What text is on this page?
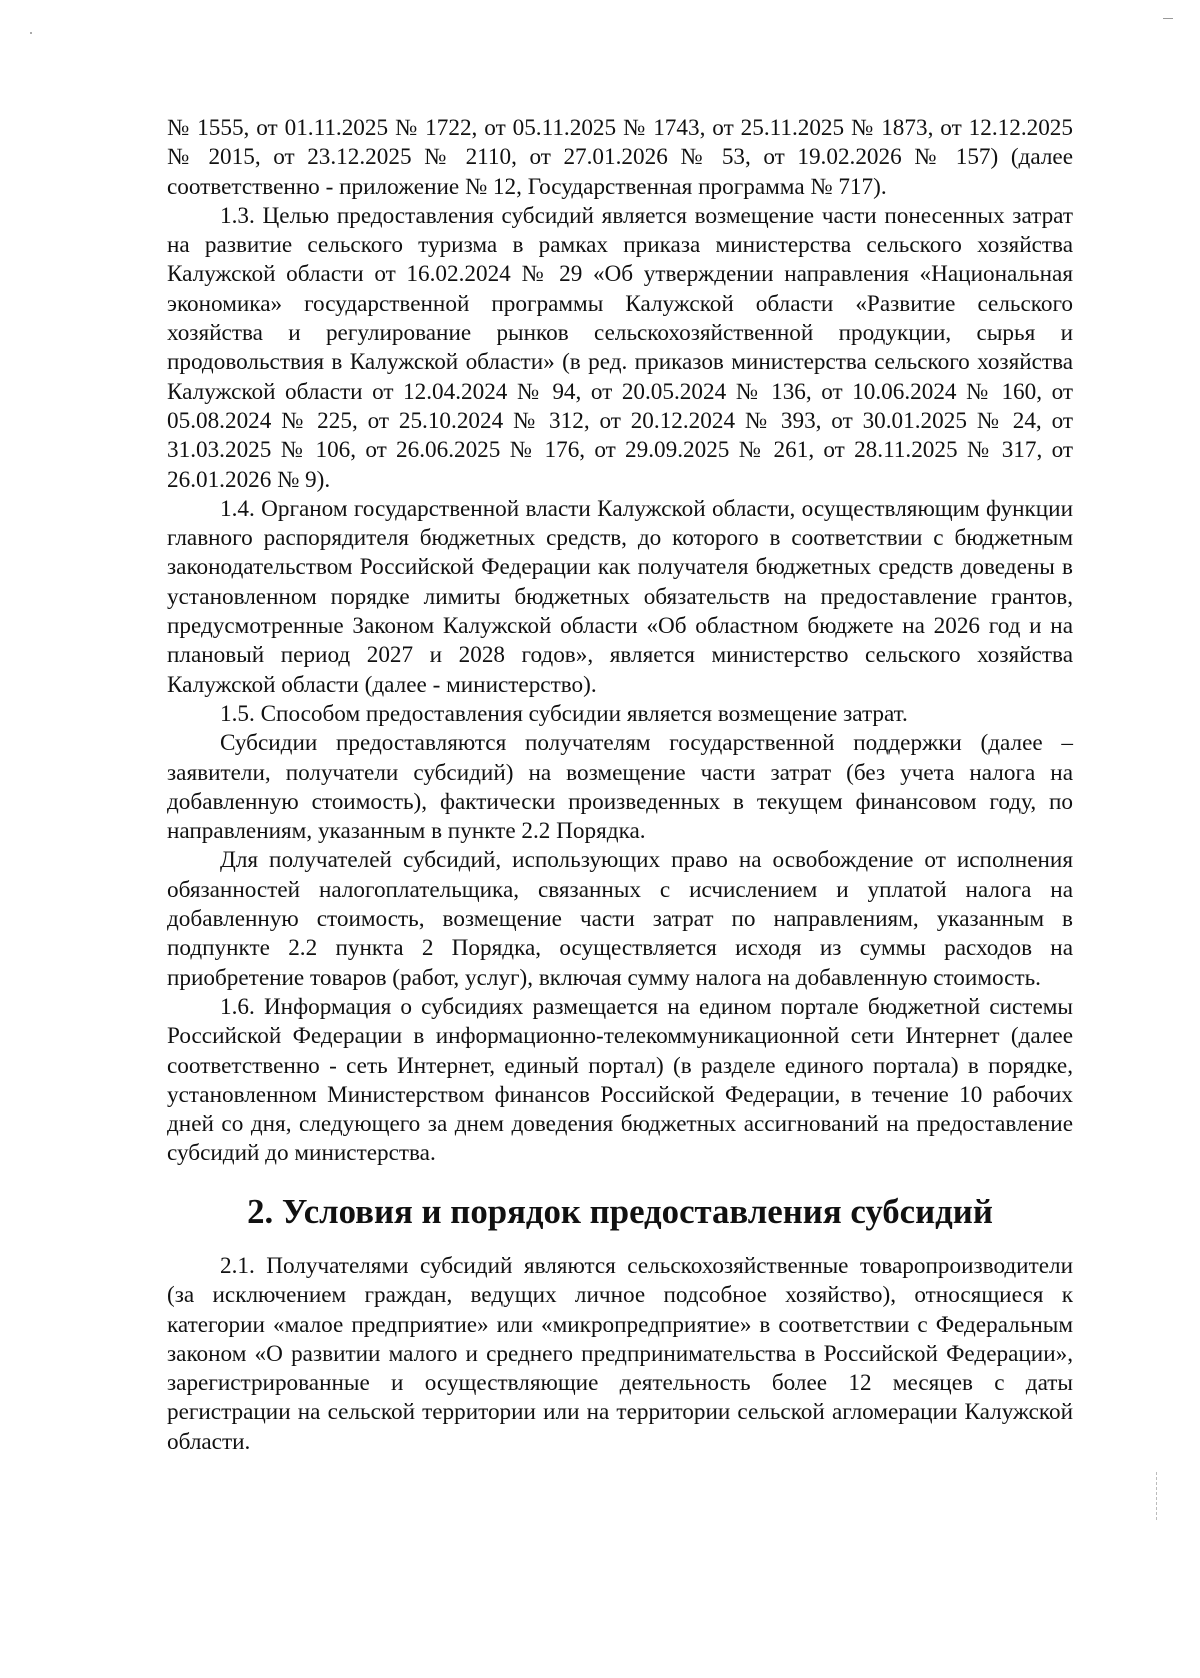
№ 1555, от 01.11.2025 № 1722, от 05.11.2025 № 1743, от 25.11.2025 № 1873, от 12.12.2025 № 2015, от 23.12.2025 № 2110, от 27.01.2026 № 53, от 19.02.2026 № 157) (далее соответственно - приложение № 12, Государственная программа № 717).

1.3. Целью предоставления субсидий является возмещение части понесенных затрат на развитие сельского туризма в рамках приказа министерства сельского хозяйства Калужской области от 16.02.2024 № 29 «Об утверждении направления «Национальная экономика» государственной программы Калужской области «Развитие сельского хозяйства и регулирование рынков сельскохозяйственной продукции, сырья и продовольствия в Калужской области» (в ред. приказов министерства сельского хозяйства Калужской области от 12.04.2024 № 94, от 20.05.2024 № 136, от 10.06.2024 № 160, от 05.08.2024 № 225, от 25.10.2024 № 312, от 20.12.2024 № 393, от 30.01.2025 № 24, от 31.03.2025 № 106, от 26.06.2025 № 176, от 29.09.2025 № 261, от 28.11.2025 № 317, от 26.01.2026 № 9).

1.4. Органом государственной власти Калужской области, осуществляющим функции главного распорядителя бюджетных средств, до которого в соответствии с бюджетным законодательством Российской Федерации как получателя бюджетных средств доведены в установленном порядке лимиты бюджетных обязательств на предоставление грантов, предусмотренные Законом Калужской области «Об областном бюджете на 2026 год и на плановый период 2027 и 2028 годов», является министерство сельского хозяйства Калужской области (далее - министерство).

1.5. Способом предоставления субсидии является возмещение затрат.

Субсидии предоставляются получателям государственной поддержки (далее – заявители, получатели субсидий) на возмещение части затрат (без учета налога на добавленную стоимость), фактически произведенных в текущем финансовом году, по направлениям, указанным в пункте 2.2 Порядка.

Для получателей субсидий, использующих право на освобождение от исполнения обязанностей налогоплательщика, связанных с исчислением и уплатой налога на добавленную стоимость, возмещение части затрат по направлениям, указанным в подпункте 2.2 пункта 2 Порядка, осуществляется исходя из суммы расходов на приобретение товаров (работ, услуг), включая сумму налога на добавленную стоимость.

1.6. Информация о субсидиях размещается на едином портале бюджетной системы Российской Федерации в информационно-телекоммуникационной сети Интернет (далее соответственно - сеть Интернет, единый портал) (в разделе единого портала) в порядке, установленном Министерством финансов Российской Федерации, в течение 10 рабочих дней со дня, следующего за днем доведения бюджетных ассигнований на предоставление субсидий до министерства.

2. Условия и порядок предоставления субсидий

2.1. Получателями субсидий являются сельскохозяйственные товаропроизводители (за исключением граждан, ведущих личное подсобное хозяйство), относящиеся к категории «малое предприятие» или «микропредприятие» в соответствии с Федеральным законом «О развитии малого и среднего предпринимательства в Российской Федерации», зарегистрированные и осуществляющие деятельность более 12 месяцев с даты регистрации на сельской территории или на территории сельской агломерации Калужской области.
